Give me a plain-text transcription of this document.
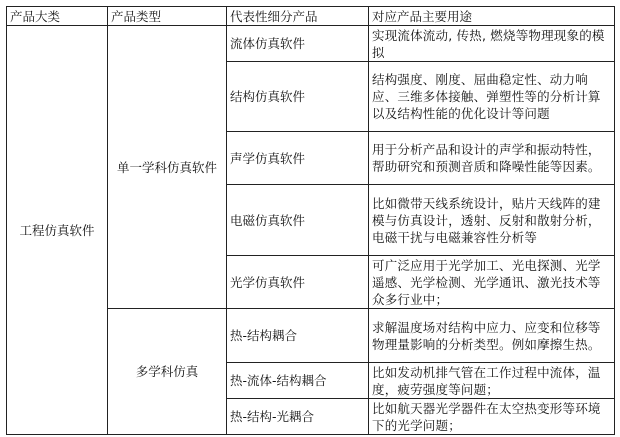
产品大类	产品类型	代表性细分产品	对应产品主要用途
工程仿真软件	单一学科仿真软件	流体仿真软件	实现流体流动, 传热, 燃烧等物理现象的模拟
		结构仿真软件	结构强度、刚度、屈曲稳定性、动力响应、三维多体接触、弹塑性等的分析计算以及结构性能的优化设计等问题
		声学仿真软件	用于分析产品和设计的声学和振动特性，帮助研究和预测音质和降噪性能等因素。
		电磁仿真软件	比如微带天线系统设计，贴片天线阵的建模与仿真设计，透射、反射和散射分析，电磁干扰与电磁兼容性分析等
		光学仿真软件	可广泛应用于光学加工、光电探测、光学遥感、光学检测、光学通讯、激光技术等众多行业中；
	多学科仿真	热-结构耦合	求解温度场对结构中应力、应变和位移等物理量影响的分析类型。例如摩擦生热。
		热-流体-结构耦合	比如发动机排气管在工作过程中流体，温度，疲劳强度等问题；
		热-结构-光耦合	比如航天器光学器件在太空热变形等环境下的光学问题；
